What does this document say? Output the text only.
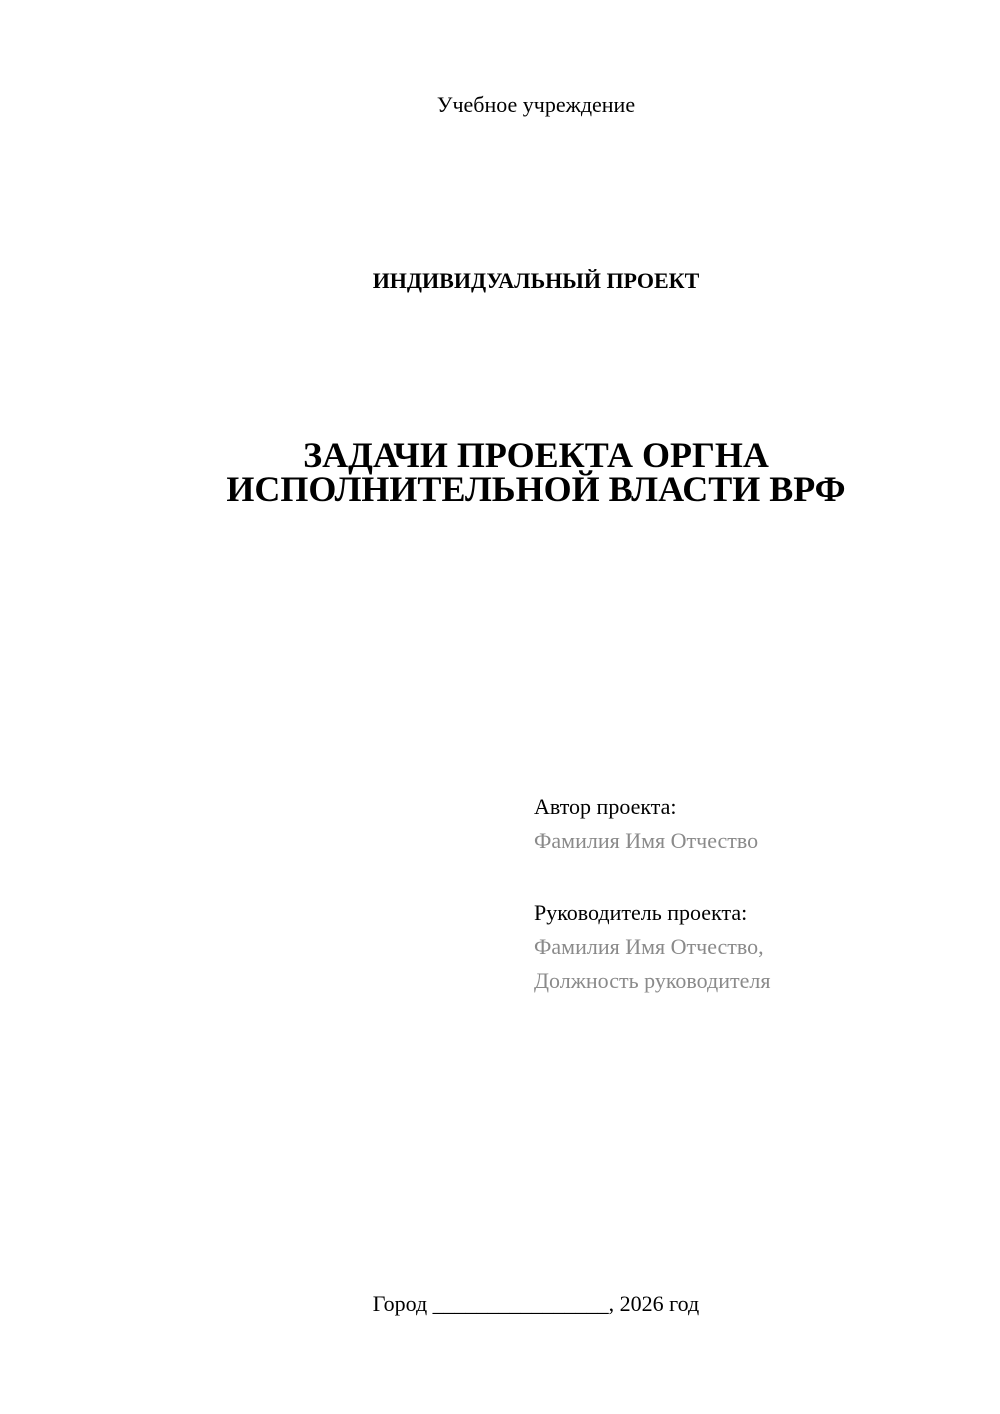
Учебное учреждение
ИНДИВИДУАЛЬНЫЙ ПРОЕКТ
ЗАДАЧИ ПРОЕКТА ОРГНА
ИСПОЛНИТЕЛЬНОЙ ВЛАСТИ ВРФ
Автор проекта:
Фамилия Имя Отчество
Руководитель проекта:
Фамилия Имя Отчество,
Должность руководителя
Город ________________, 2026 год
